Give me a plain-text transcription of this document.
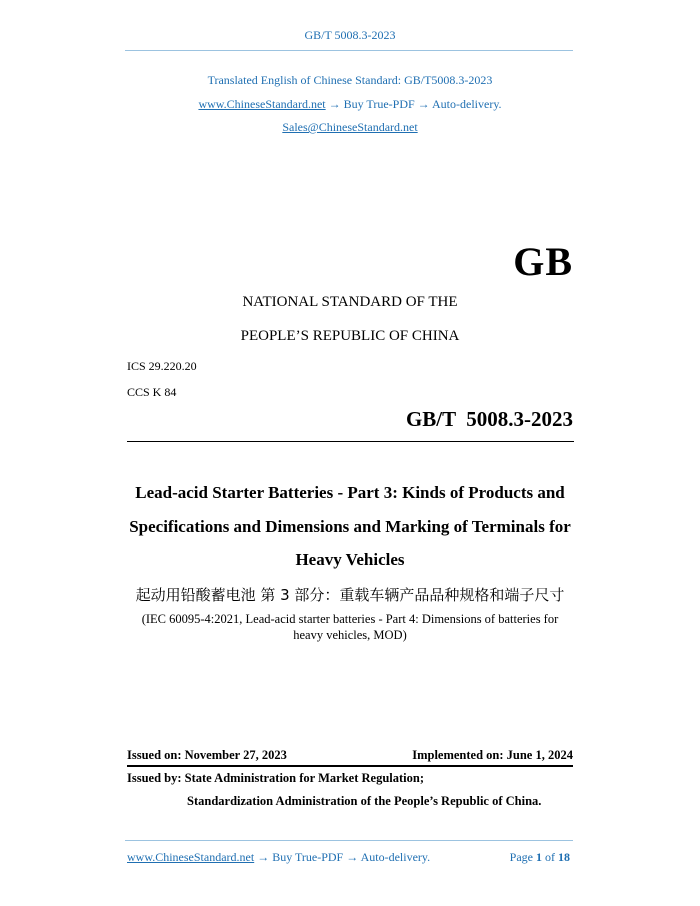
GB/T 5008.3-2023
Translated English of Chinese Standard: GB/T5008.3-2023
www.ChineseStandard.net → Buy True-PDF → Auto-delivery.
Sales@ChineseStandard.net
GB
NATIONAL STANDARD OF THE
PEOPLE’S REPUBLIC OF CHINA
ICS 29.220.20
CCS K 84
GB/T  5008.3-2023
Lead-acid Starter Batteries - Part 3: Kinds of Products and
Specifications and Dimensions and Marking of Terminals for
Heavy Vehicles
起动用铅酸蓄电池 第 3 部分：重载车辆产品品种规格和端子尺寸
(IEC 60095-4:2021, Lead-acid starter batteries - Part 4: Dimensions of batteries for
heavy vehicles, MOD)
Issued on: November 27, 2023	Implemented on: June 1, 2024
Issued by: State Administration for Market Regulation;
Standardization Administration of the People’s Republic of China.
www.ChineseStandard.net → Buy True-PDF → Auto-delivery.	Page 1 of 18
